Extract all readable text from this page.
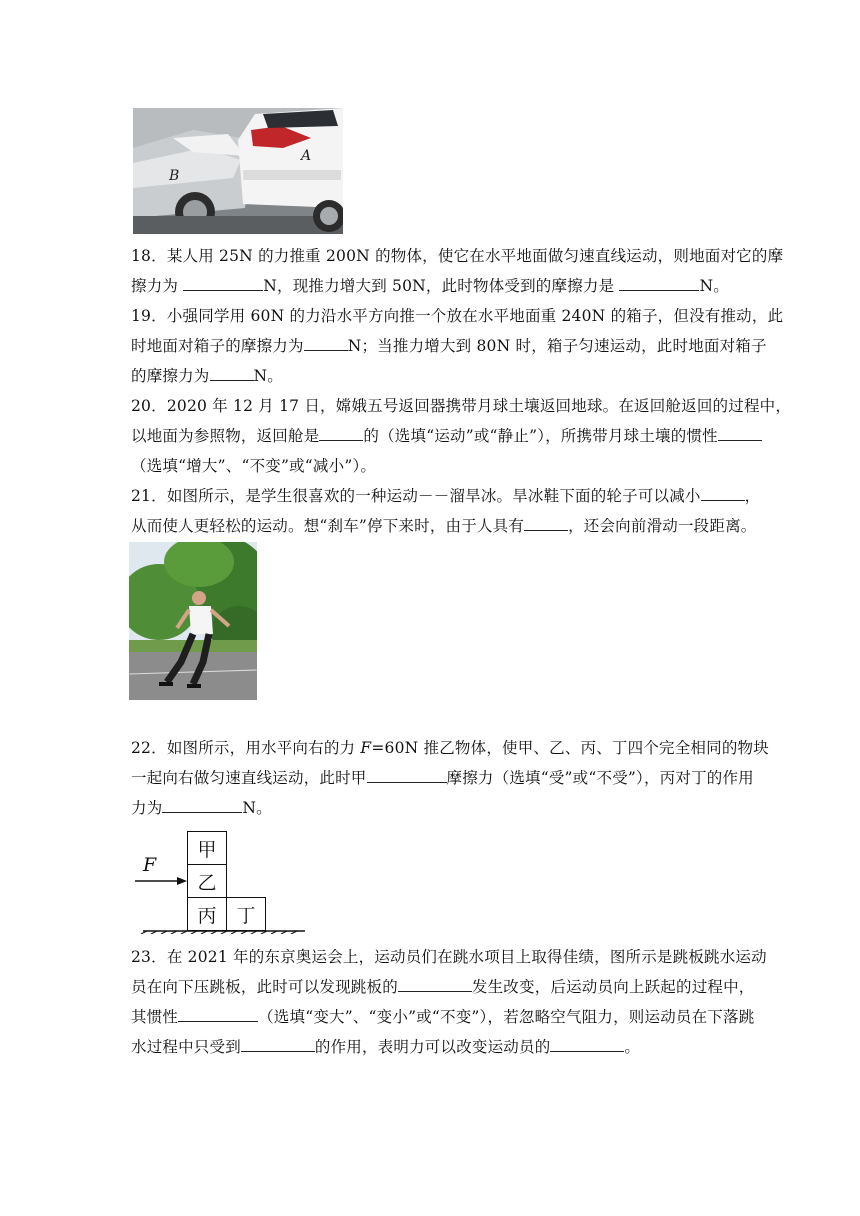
B
A
18．某人用 25N 的力推重 200N 的物体，使它在水平地面做匀速直线运动，则地面对它的摩
擦力为	N，现推力增大到 50N，此时物体受到的摩擦力是	N。
19．小强同学用 60N 的力沿水平方向推一个放在水平地面重 240N 的箱子，但没有推动，此
时地面对箱子的摩擦力为	N；当推力增大到 80N 时，箱子匀速运动，此时地面对箱子
的摩擦力为	N。
20．2020 年 12 月 17 日，嫦娥五号返回器携带月球土壤返回地球。在返回舱返回的过程中，
以地面为参照物，返回舱是	的（选填“运动”或“静止”），所携带月球土壤的惯性
（选填“增大”、“不变”或“减小”）。
21．如图所示，是学生很喜欢的一种运动－－溜旱冰。旱冰鞋下面的轮子可以减小	，
从而使人更轻松的运动。想“刹车”停下来时，由于人具有	，还会向前滑动一段距离。
22．如图所示，用水平向右的力 F=60N 推乙物体，使甲、乙、丙、丁四个完全相同的物块
一起向右做匀速直线运动，此时甲	摩擦力（选填“受”或“不受”），丙对丁的作用
力为	N。
甲
乙
丙	丁
F
23．在 2021 年的东京奥运会上，运动员们在跳水项目上取得佳绩，图所示是跳板跳水运动
员在向下压跳板，此时可以发现跳板的	发生改变，后运动员向上跃起的过程中，
其惯性	（选填“变大”、“变小”或“不变”），若忽略空气阻力，则运动员在下落跳
水过程中只受到	的作用，表明力可以改变运动员的	。
